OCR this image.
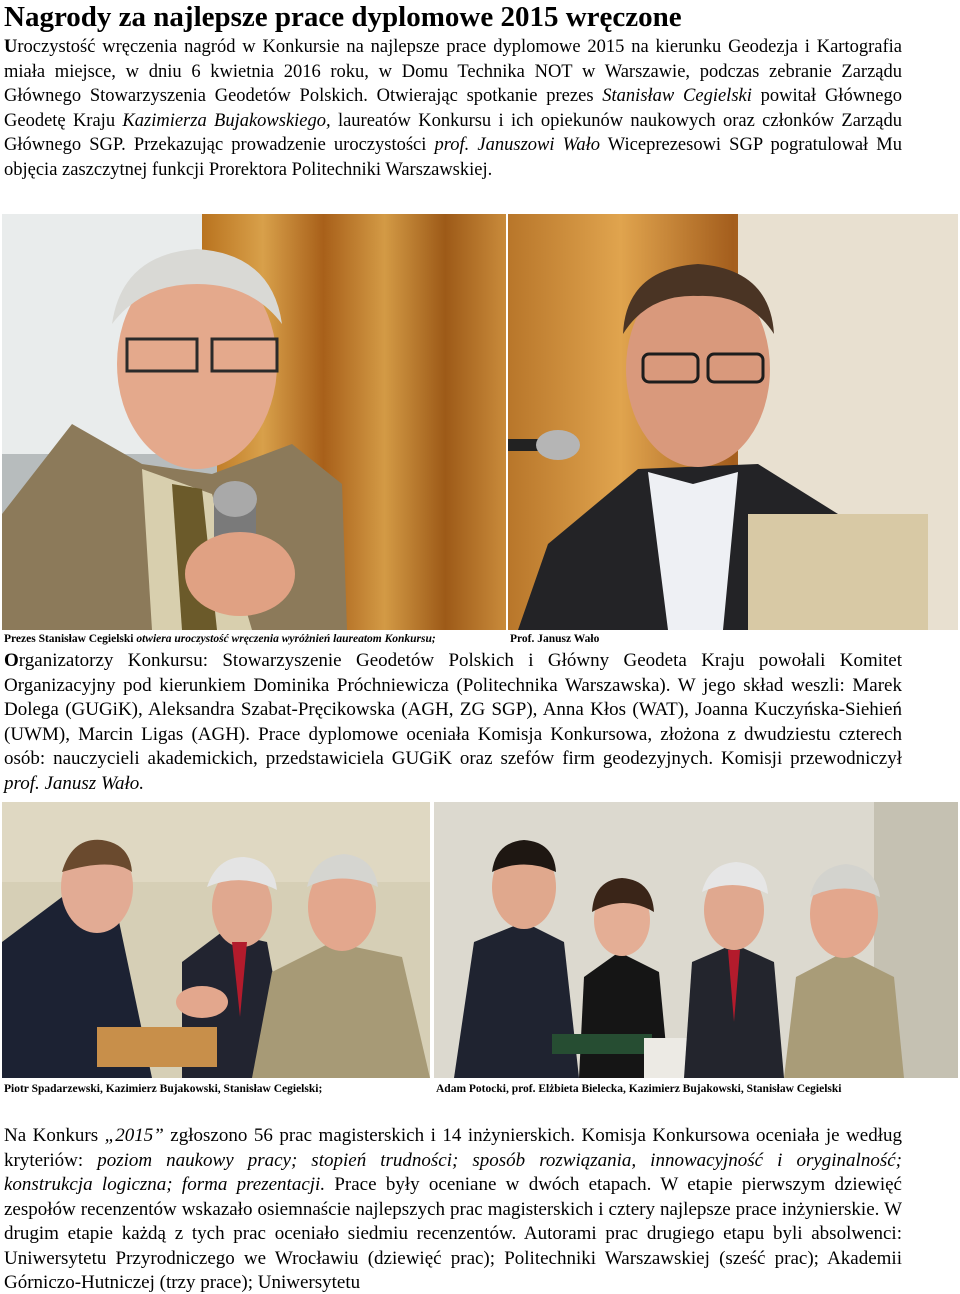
Nagrody za najlepsze prace dyplomowe 2015 wręczone

Uroczystość wręczenia nagród w Konkursie na najlepsze prace dyplomowe 2015 na kierunku Geodezja i Kartografia miała miejsce, w dniu 6 kwietnia 2016 roku, w Domu Technika NOT w Warszawie, podczas zebranie Zarządu Głównego Stowarzyszenia Geodetów Polskich. Otwierając spotkanie prezes Stanisław Cegielski powitał Głównego Geodetę Kraju Kazimierza Bujakowskiego, laureatów Konkursu i ich opiekunów naukowych oraz członków Zarządu Głównego SGP. Przekazując prowadzenie uroczystości prof. Januszowi Wało Wiceprezesowi SGP pogratulował Mu objęcia zaszczytnej funkcji Prorektora Politechniki Warszawskiej.

Prezes Stanisław Cegielski otwiera uroczystość wręczenia wyróżnień laureatom Konkursu;	Prof. Janusz Wało

Organizatorzy Konkursu: Stowarzyszenie Geodetów Polskich i Główny Geodeta Kraju powołali Komitet Organizacyjny pod kierunkiem Dominika Próchniewicza (Politechnika Warszawska). W jego skład weszli: Marek Dolega (GUGiK), Aleksandra Szabat-Pręcikowska (AGH, ZG SGP), Anna Kłos (WAT), Joanna Kuczyńska-Siehień (UWM), Marcin Ligas (AGH). Prace dyplomowe oceniała Komisja Konkursowa, złożona z dwudziestu czterech osób: nauczycieli akademickich, przedstawiciela GUGiK oraz szefów firm geodezyjnych. Komisji przewodniczył prof. Janusz Wało.

Piotr Spadarzewski, Kazimierz Bujakowski, Stanisław Cegielski;	Adam Potocki, prof. Elżbieta Bielecka, Kazimierz Bujakowski, Stanisław Cegielski

Na Konkurs „2015” zgłoszono 56 prac magisterskich i 14 inżynierskich. Komisja Konkursowa oceniała je według kryteriów: poziom naukowy pracy; stopień trudności; sposób rozwiązania, innowacyjność i oryginalność; konstrukcja logiczna; forma prezentacji. Prace były oceniane w dwóch etapach. W etapie pierwszym dziewięć zespołów recenzentów wskazało osiemnaście najlepszych prac magisterskich i cztery najlepsze prace inżynierskie. W drugim etapie każdą z tych prac oceniało siedmiu recenzentów. Autorami prac drugiego etapu byli absolwenci: Uniwersytetu Przyrodniczego we Wrocławiu (dziewięć prac); Politechniki Warszawskiej (sześć prac); Akademii Górniczo-Hutniczej (trzy prace); Uniwersytetu
